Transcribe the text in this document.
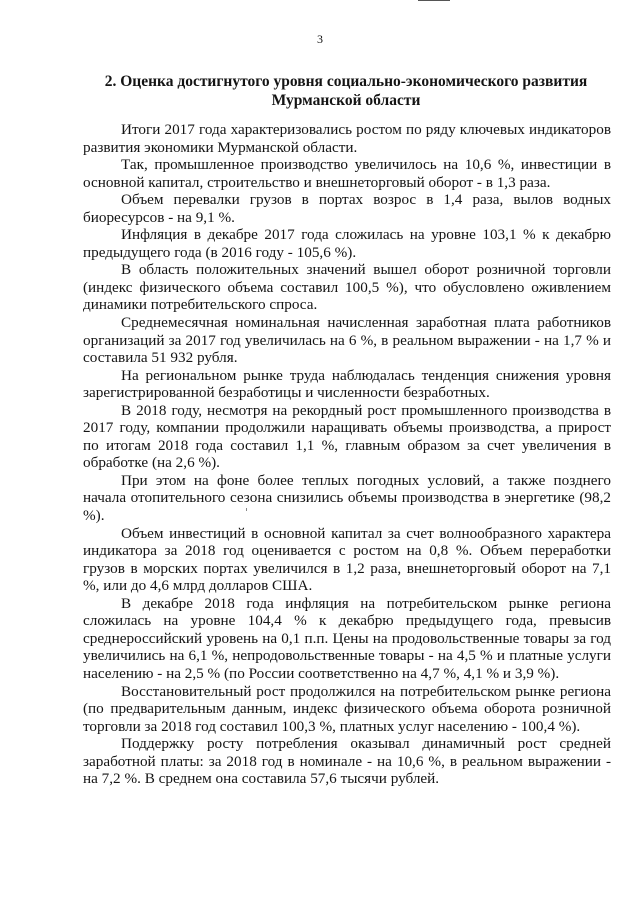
3
2. Оценка достигнутого уровня социально-экономического развития
Мурманской области

Итоги 2017 года характеризовались ростом по ряду ключевых индикаторов развития экономики Мурманской области.

Так, промышленное производство увеличилось на 10,6 %, инвестиции в основной капитал, строительство и внешнеторговый оборот - в 1,3 раза.

Объем перевалки грузов в портах возрос в 1,4 раза, вылов водных биоресурсов - на 9,1 %.

Инфляция в декабре 2017 года сложилась на уровне 103,1 % к декабрю предыдущего года (в 2016 году - 105,6 %).

В область положительных значений вышел оборот розничной торговли (индекс физического объема составил 100,5 %), что обусловлено оживлением динамики потребительского спроса.

Среднемесячная номинальная начисленная заработная плата работников организаций за 2017 год увеличилась на 6 %, в реальном выражении - на 1,7 % и составила 51 932 рубля.

На региональном рынке труда наблюдалась тенденция снижения уровня зарегистрированной безработицы и численности безработных.

В 2018 году, несмотря на рекордный рост промышленного производства в 2017 году, компании продолжили наращивать объемы производства, а прирост по итогам 2018 года составил 1,1 %, главным образом за счет увеличения в обработке (на 2,6 %).

При этом на фоне более теплых погодных условий, а также позднего начала отопительного сезона снизились объемы производства в энергетике (98,2 %).

Объем инвестиций в основной капитал за счет волнообразного характера индикатора за 2018 год оценивается с ростом на 0,8 %. Объем переработки грузов в морских портах увеличился в 1,2 раза, внешнеторговый оборот на 7,1 %, или до 4,6 млрд долларов США.

В декабре 2018 года инфляция на потребительском рынке региона сложилась на уровне 104,4 % к декабрю предыдущего года, превысив среднероссийский уровень на 0,1 п.п. Цены на продовольственные товары за год увеличились на 6,1 %, непродовольственные товары - на 4,5 % и платные услуги населению - на 2,5 % (по России соответственно на 4,7 %, 4,1 % и 3,9 %).

Восстановительный рост продолжился на потребительском рынке региона (по предварительным данным, индекс физического объема оборота розничной торговли за 2018 год составил 100,3 %, платных услуг населению - 100,4 %).

Поддержку росту потребления оказывал динамичный рост средней заработной платы: за 2018 год в номинале - на 10,6 %, в реальном выражении - на 7,2 %. В среднем она составила 57,6 тысячи рублей.
